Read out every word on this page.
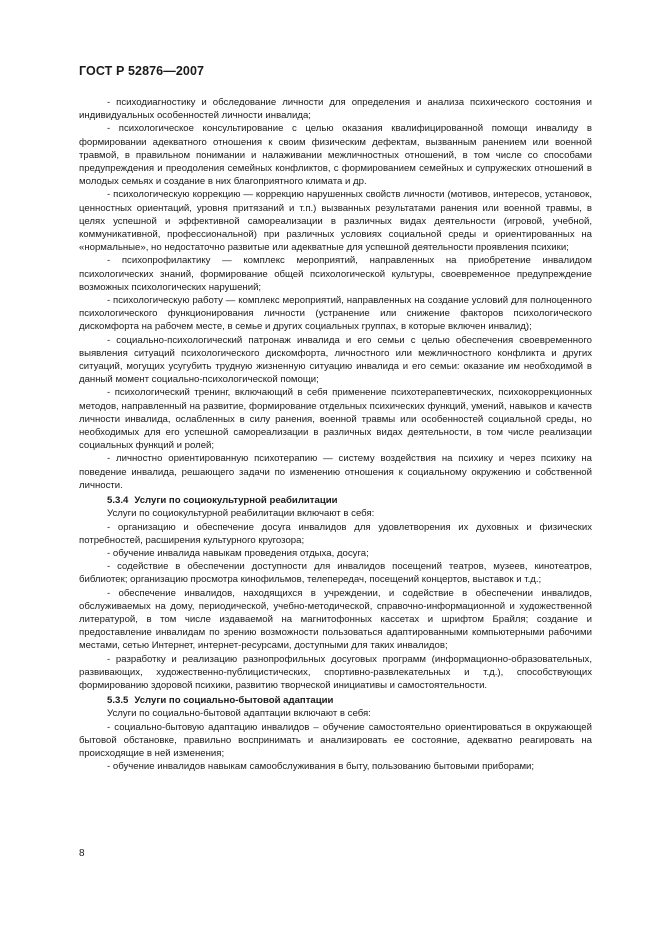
ГОСТ Р 52876—2007

- психодиагностику и обследование личности для определения и анализа психического состояния и индивидуальных особенностей личности инвалида;

- психологическое консультирование с целью оказания квалифицированной помощи инвалиду в формировании адекватного отношения к своим физическим дефектам, вызванным ранением или военной травмой, в правильном понимании и налаживании межличностных отношений, в том числе со способами предупреждения и преодоления семейных конфликтов, с формированием семейных и супружеских отношений в молодых семьях и создание в них благоприятного климата и др.

- психологическую коррекцию — коррекцию нарушенных свойств личности (мотивов, интересов, установок, ценностных ориентаций, уровня притязаний и т.п.) вызванных результатами ранения или военной травмы, в целях успешной и эффективной самореализации в различных видах деятельности (игровой, учебной, коммуникативной, профессиональной) при различных условиях социальной среды и ориентированных на «нормальные», но недостаточно развитые или адекватные для успешной деятельности проявления психики;

- психопрофилактику — комплекс мероприятий, направленных на приобретение инвалидом психологических знаний, формирование общей психологической культуры, своевременное предупреждение возможных психологических нарушений;

- психологическую работу — комплекс мероприятий, направленных на создание условий для полноценного психологического функционирования личности (устранение или снижение факторов психологического дискомфорта на рабочем месте, в семье и других социальных группах, в которые включен инвалид);

- социально-психологический патронаж инвалида и его семьи с целью обеспечения своевременного выявления ситуаций психологического дискомфорта, личностного или межличностного конфликта и других ситуаций, могущих усугубить трудную жизненную ситуацию инвалида и его семьи: оказание им необходимой в данный момент социально-психологической помощи;

- психологический тренинг, включающий в себя применение психотерапевтических, психокоррекционных методов, направленный на развитие, формирование отдельных психических функций, умений, навыков и качеств личности инвалида, ослабленных в силу ранения, военной травмы или особенностей социальной среды, но необходимых для его успешной самореализации в различных видах деятельности, в том числе реализации социальных функций и ролей;

- личностно ориентированную психотерапию — систему воздействия на психику и через психику на поведение инвалида, решающего задачи по изменению отношения к социальному окружению и собственной личности.

5.3.4 Услуги по социокультурной реабилитации

Услуги по социокультурной реабилитации включают в себя:

- организацию и обеспечение досуга инвалидов для удовлетворения их духовных и физических потребностей, расширения культурного кругозора;

- обучение инвалида навыкам проведения отдыха, досуга;

- содействие в обеспечении доступности для инвалидов посещений театров, музеев, кинотеатров, библиотек; организацию просмотра кинофильмов, телепередач, посещений концертов, выставок и т.д.;

- обеспечение инвалидов, находящихся в учреждении, и содействие в обеспечении инвалидов, обслуживаемых на дому, периодической, учебно-методической, справочно-информационной и художественной литературой, в том числе издаваемой на магнитофонных кассетах и шрифтом Брайля; создание и предоставление инвалидам по зрению возможности пользоваться адаптированными компьютерными рабочими местами, сетью Интернет, интернет-ресурсами, доступными для таких инвалидов;

- разработку и реализацию разнопрофильных досуговых программ (информационно-образовательных, развивающих, художественно-публицистических, спортивно-развлекательных и т.д.), способствующих формированию здоровой психики, развитию творческой инициативы и самостоятельности.

5.3.5 Услуги по социально-бытовой адаптации

Услуги по социально-бытовой адаптации включают в себя:

- социально-бытовую адаптацию инвалидов – обучение самостоятельно ориентироваться в окружающей бытовой обстановке, правильно воспринимать и анализировать ее состояние, адекватно реагировать на происходящие в ней изменения;

- обучение инвалидов навыкам самообслуживания в быту, пользованию бытовыми приборами;

8
